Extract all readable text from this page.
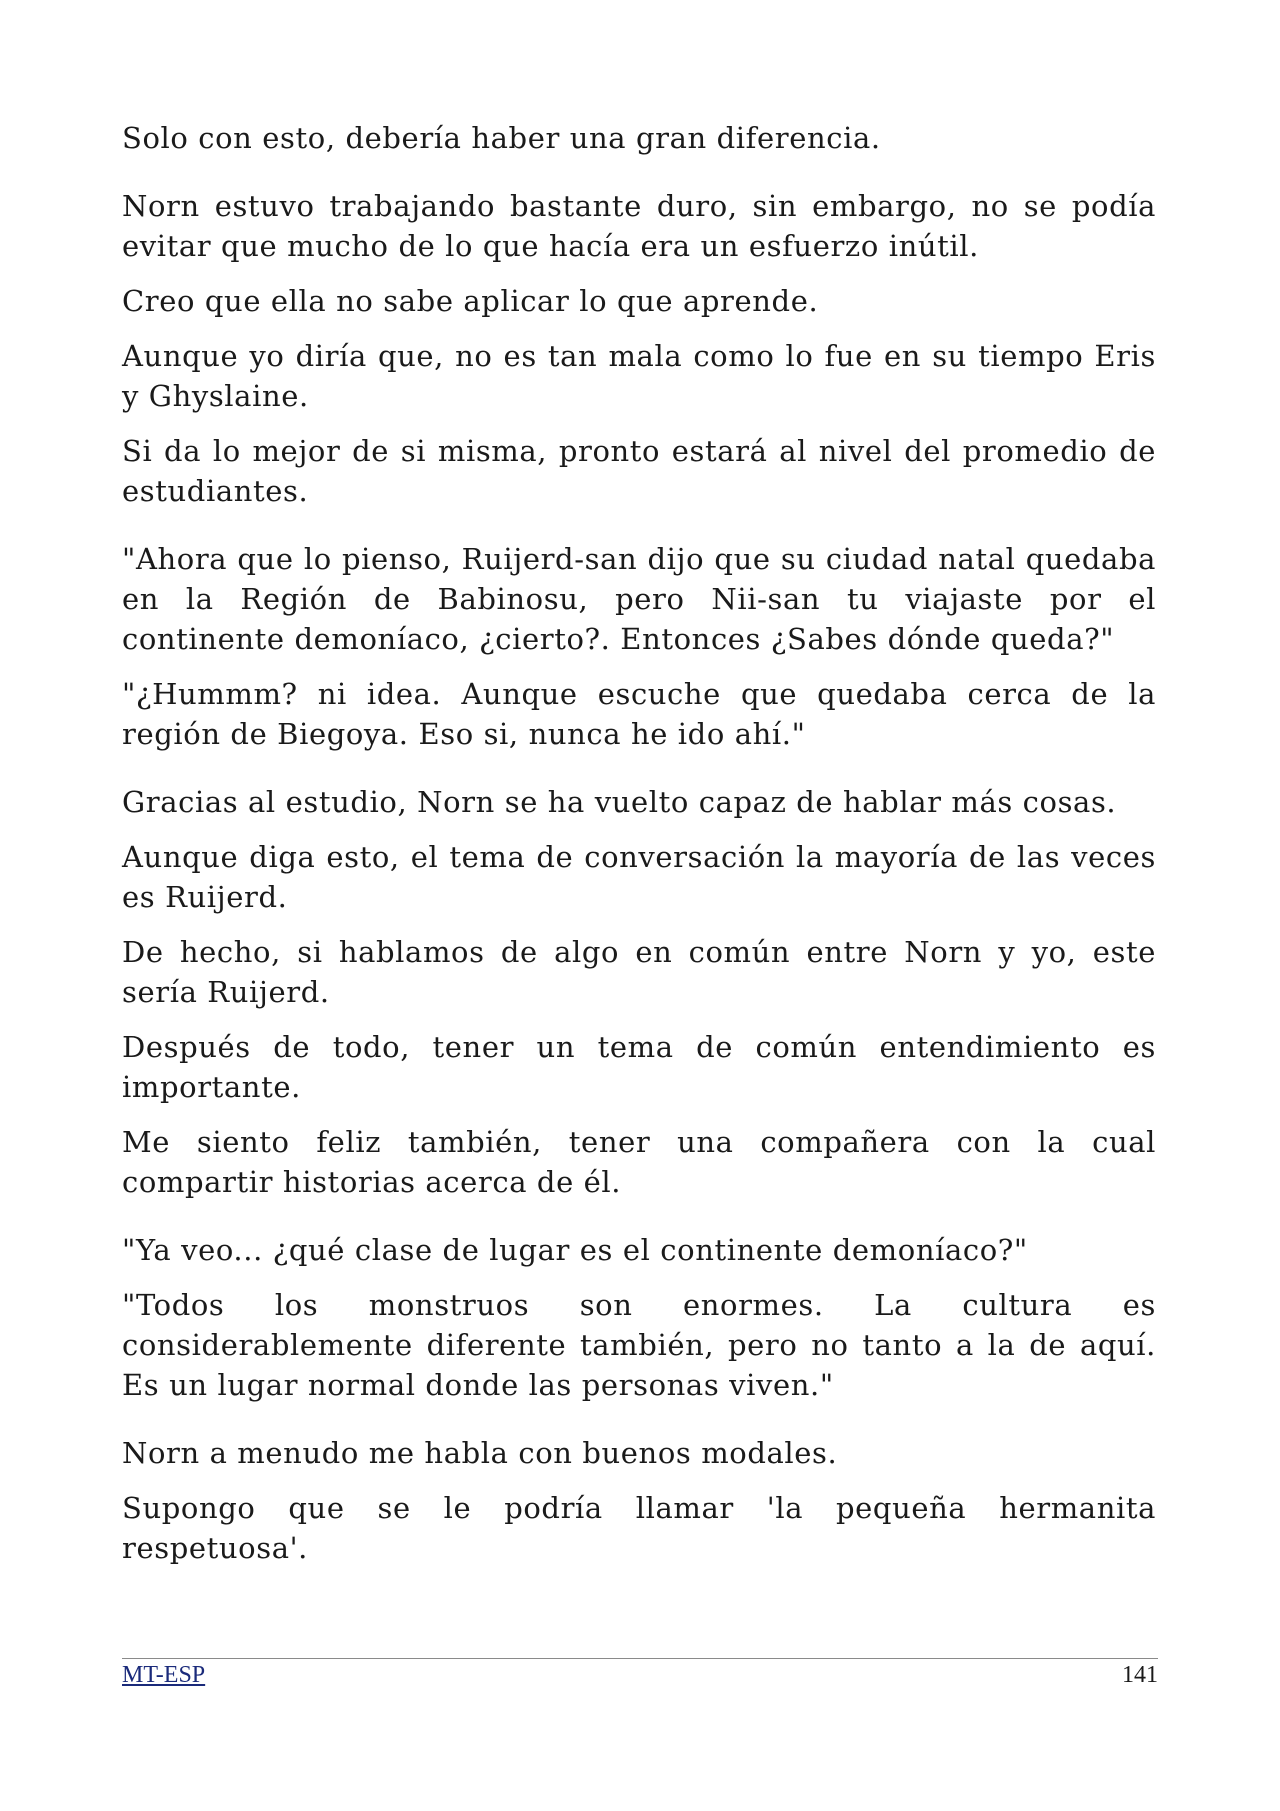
Solo con esto, debería haber una gran diferencia.

Norn estuvo trabajando bastante duro, sin embargo, no se podía evitar que mucho de lo que hacía era un esfuerzo inútil.

Creo que ella no sabe aplicar lo que aprende.

Aunque yo diría que, no es tan mala como lo fue en su tiempo Eris y Ghyslaine.

Si da lo mejor de si misma, pronto estará al nivel del promedio de estudiantes.

"Ahora que lo pienso, Ruijerd-san dijo que su ciudad natal quedaba en la Región de Babinosu, pero Nii-san tu viajaste por el continente demoníaco, ¿cierto?. Entonces ¿Sabes dónde queda?"

"¿Hummm? ni idea. Aunque escuche que quedaba cerca de la región de Biegoya. Eso si, nunca he ido ahí."

Gracias al estudio, Norn se ha vuelto capaz de hablar más cosas.

Aunque diga esto, el tema de conversación la mayoría de las veces es Ruijerd.

De hecho, si hablamos de algo en común entre Norn y yo, este sería Ruijerd.

Después de todo, tener un tema de común entendimiento es importante.

Me siento feliz también, tener una compañera con la cual compartir historias acerca de él.

"Ya veo... ¿qué clase de lugar es el continente demoníaco?"

"Todos los monstruos son enormes. La cultura es considerablemente diferente también, pero no tanto a la de aquí. Es un lugar normal donde las personas viven."

Norn a menudo me habla con buenos modales.

Supongo que se le podría llamar 'la pequeña hermanita respetuosa'.

MT-ESP	141
